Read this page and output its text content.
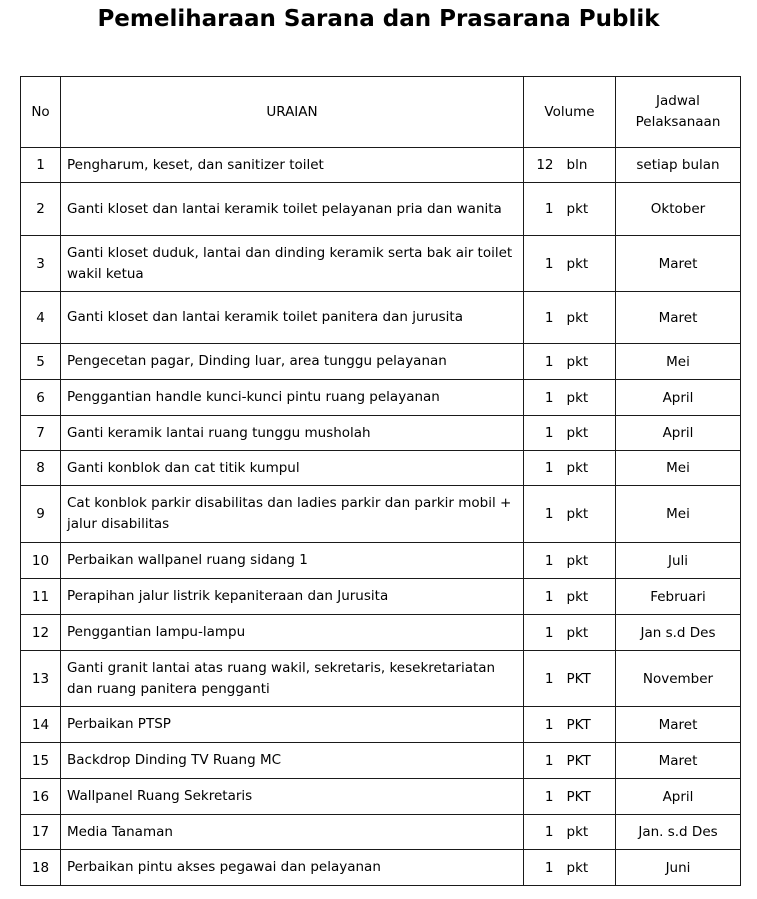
Pemeliharaan Sarana dan Prasarana Publik
No	URAIAN	Volume		Jadwal
Pelaksanaan

1	Pengharum, keset, dan sanitizer toilet	12	bln	setiap bulan
2	Ganti kloset dan lantai keramik toilet pelayanan pria dan wanita	1	pkt	Oktober
3	Ganti kloset duduk, lantai dan dinding keramik serta bak air toilet wakil ketua	1	pkt	Maret
4	Ganti kloset dan lantai keramik toilet panitera dan jurusita	1	pkt	Maret
5	Pengecetan pagar, Dinding luar, area tunggu pelayanan	1	pkt	Mei
6	Penggantian handle kunci-kunci pintu ruang pelayanan	1	pkt	April
7	Ganti keramik lantai ruang tunggu musholah	1	pkt	April
8	Ganti konblok dan cat titik kumpul	1	pkt	Mei
9	Cat konblok parkir disabilitas dan ladies parkir dan parkir mobil + jalur disabilitas	1	pkt	Mei
10	Perbaikan wallpanel ruang sidang 1	1	pkt	Juli
11	Perapihan jalur listrik kepaniteraan dan Jurusita	1	pkt	Februari
12	Penggantian lampu-lampu	1	pkt	Jan s.d Des
13	Ganti granit lantai atas ruang wakil, sekretaris, kesekretariatan dan ruang panitera pengganti	1	PKT	November
14	Perbaikan PTSP	1	PKT	Maret
15	Backdrop Dinding TV Ruang MC	1	PKT	Maret
16	Wallpanel Ruang Sekretaris	1	PKT	April
17	Media Tanaman	1	pkt	Jan. s.d Des
18	Perbaikan pintu akses pegawai dan pelayanan	1	pkt	Juni
